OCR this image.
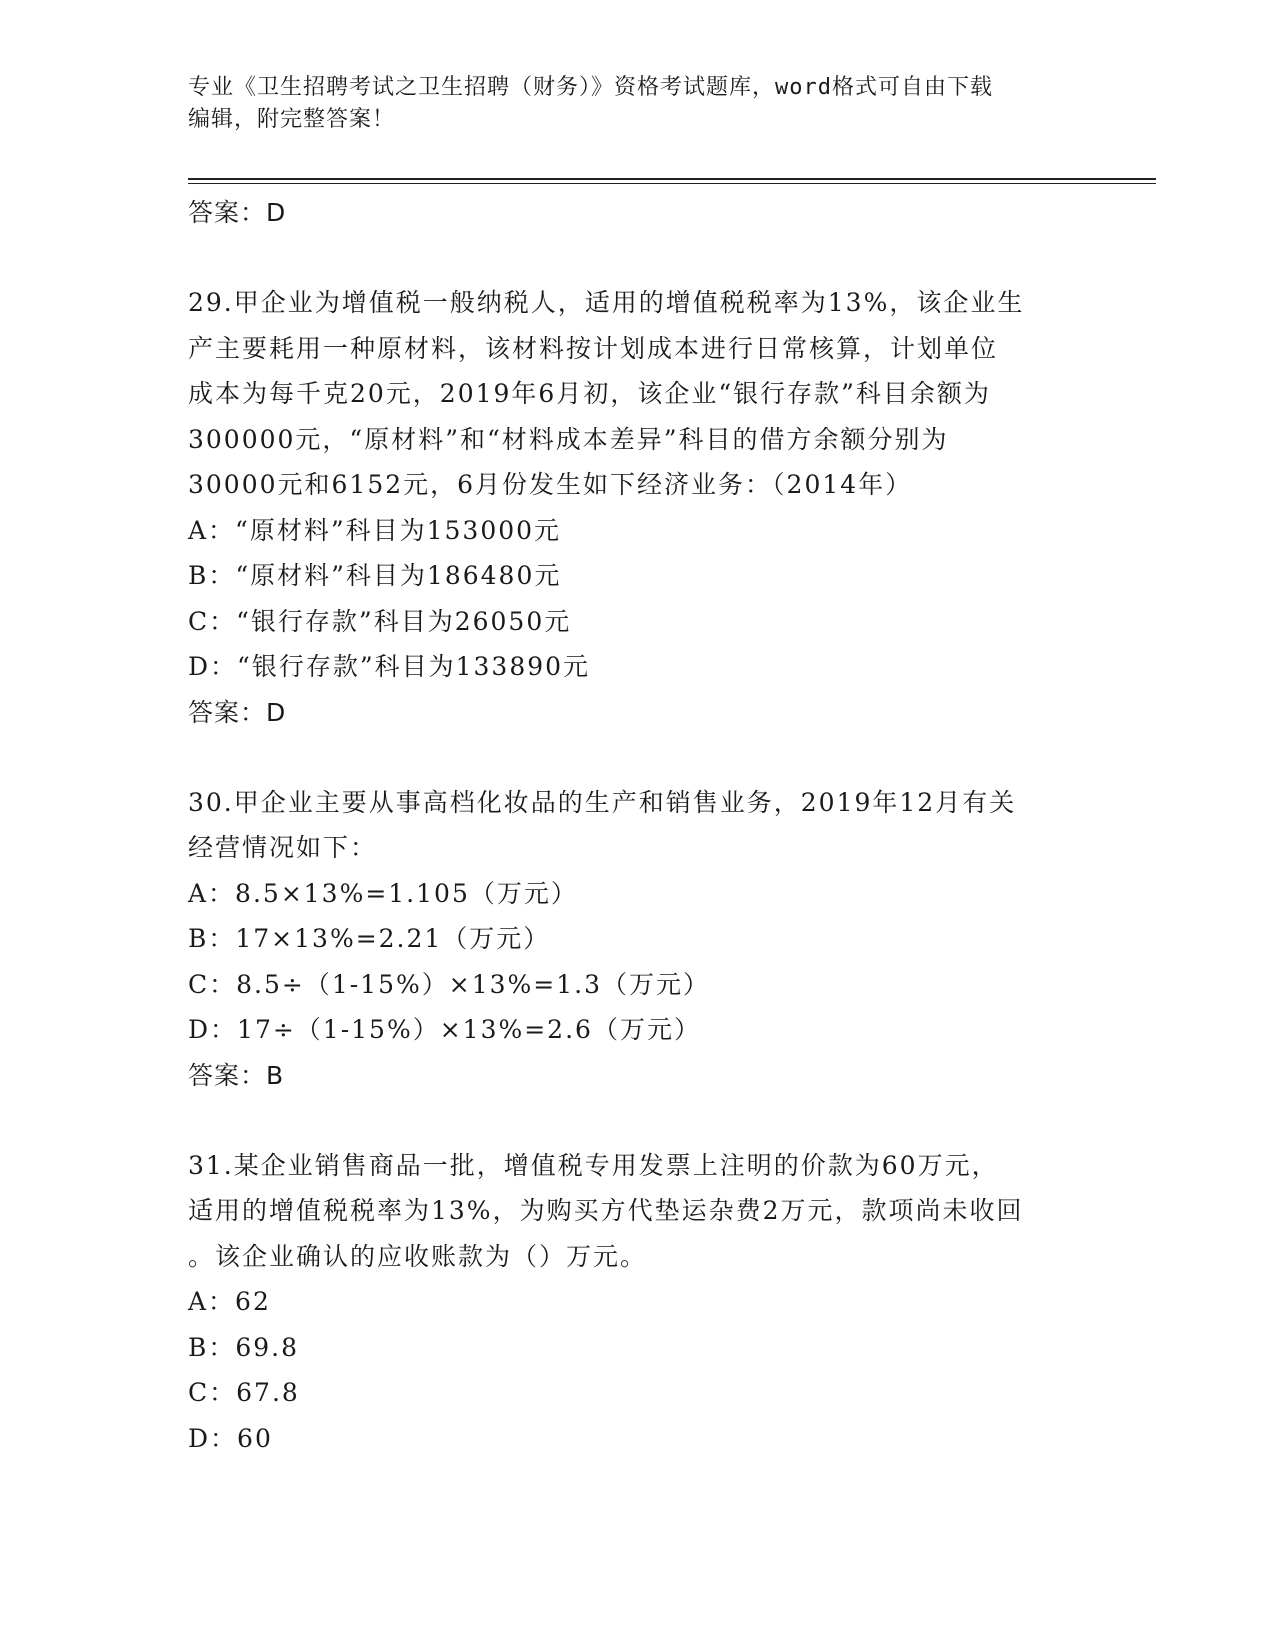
专业《卫生招聘考试之卫生招聘（财务）》资格考试题库，word格式可自由下载
编辑，附完整答案！

答案：D

29.甲企业为增值税一般纳税人，适用的增值税税率为13%，该企业生

产主要耗用一种原材料，该材料按计划成本进行日常核算，计划单位

成本为每千克20元，2019年6月初，该企业“银行存款”科目余额为

300000元，“原材料”和“材料成本差异”科目的借方余额分别为

30000元和6152元，6月份发生如下经济业务：（2014年）

A：“原材料”科目为153000元

B：“原材料”科目为186480元

C：“银行存款”科目为26050元

D：“银行存款”科目为133890元

答案：D

30.甲企业主要从事高档化妆品的生产和销售业务，2019年12月有关

经营情况如下：

A：8.5×13%=1.105（万元）

B：17×13%=2.21（万元）

C：8.5÷（1-15%）×13%=1.3（万元）

D：17÷（1-15%）×13%=2.6（万元）

答案：B

31.某企业销售商品一批，增值税专用发票上注明的价款为60万元，

适用的增值税税率为13%，为购买方代垫运杂费2万元，款项尚未收回

。该企业确认的应收账款为（）万元。

A：62

B：69.8

C：67.8

D：60
